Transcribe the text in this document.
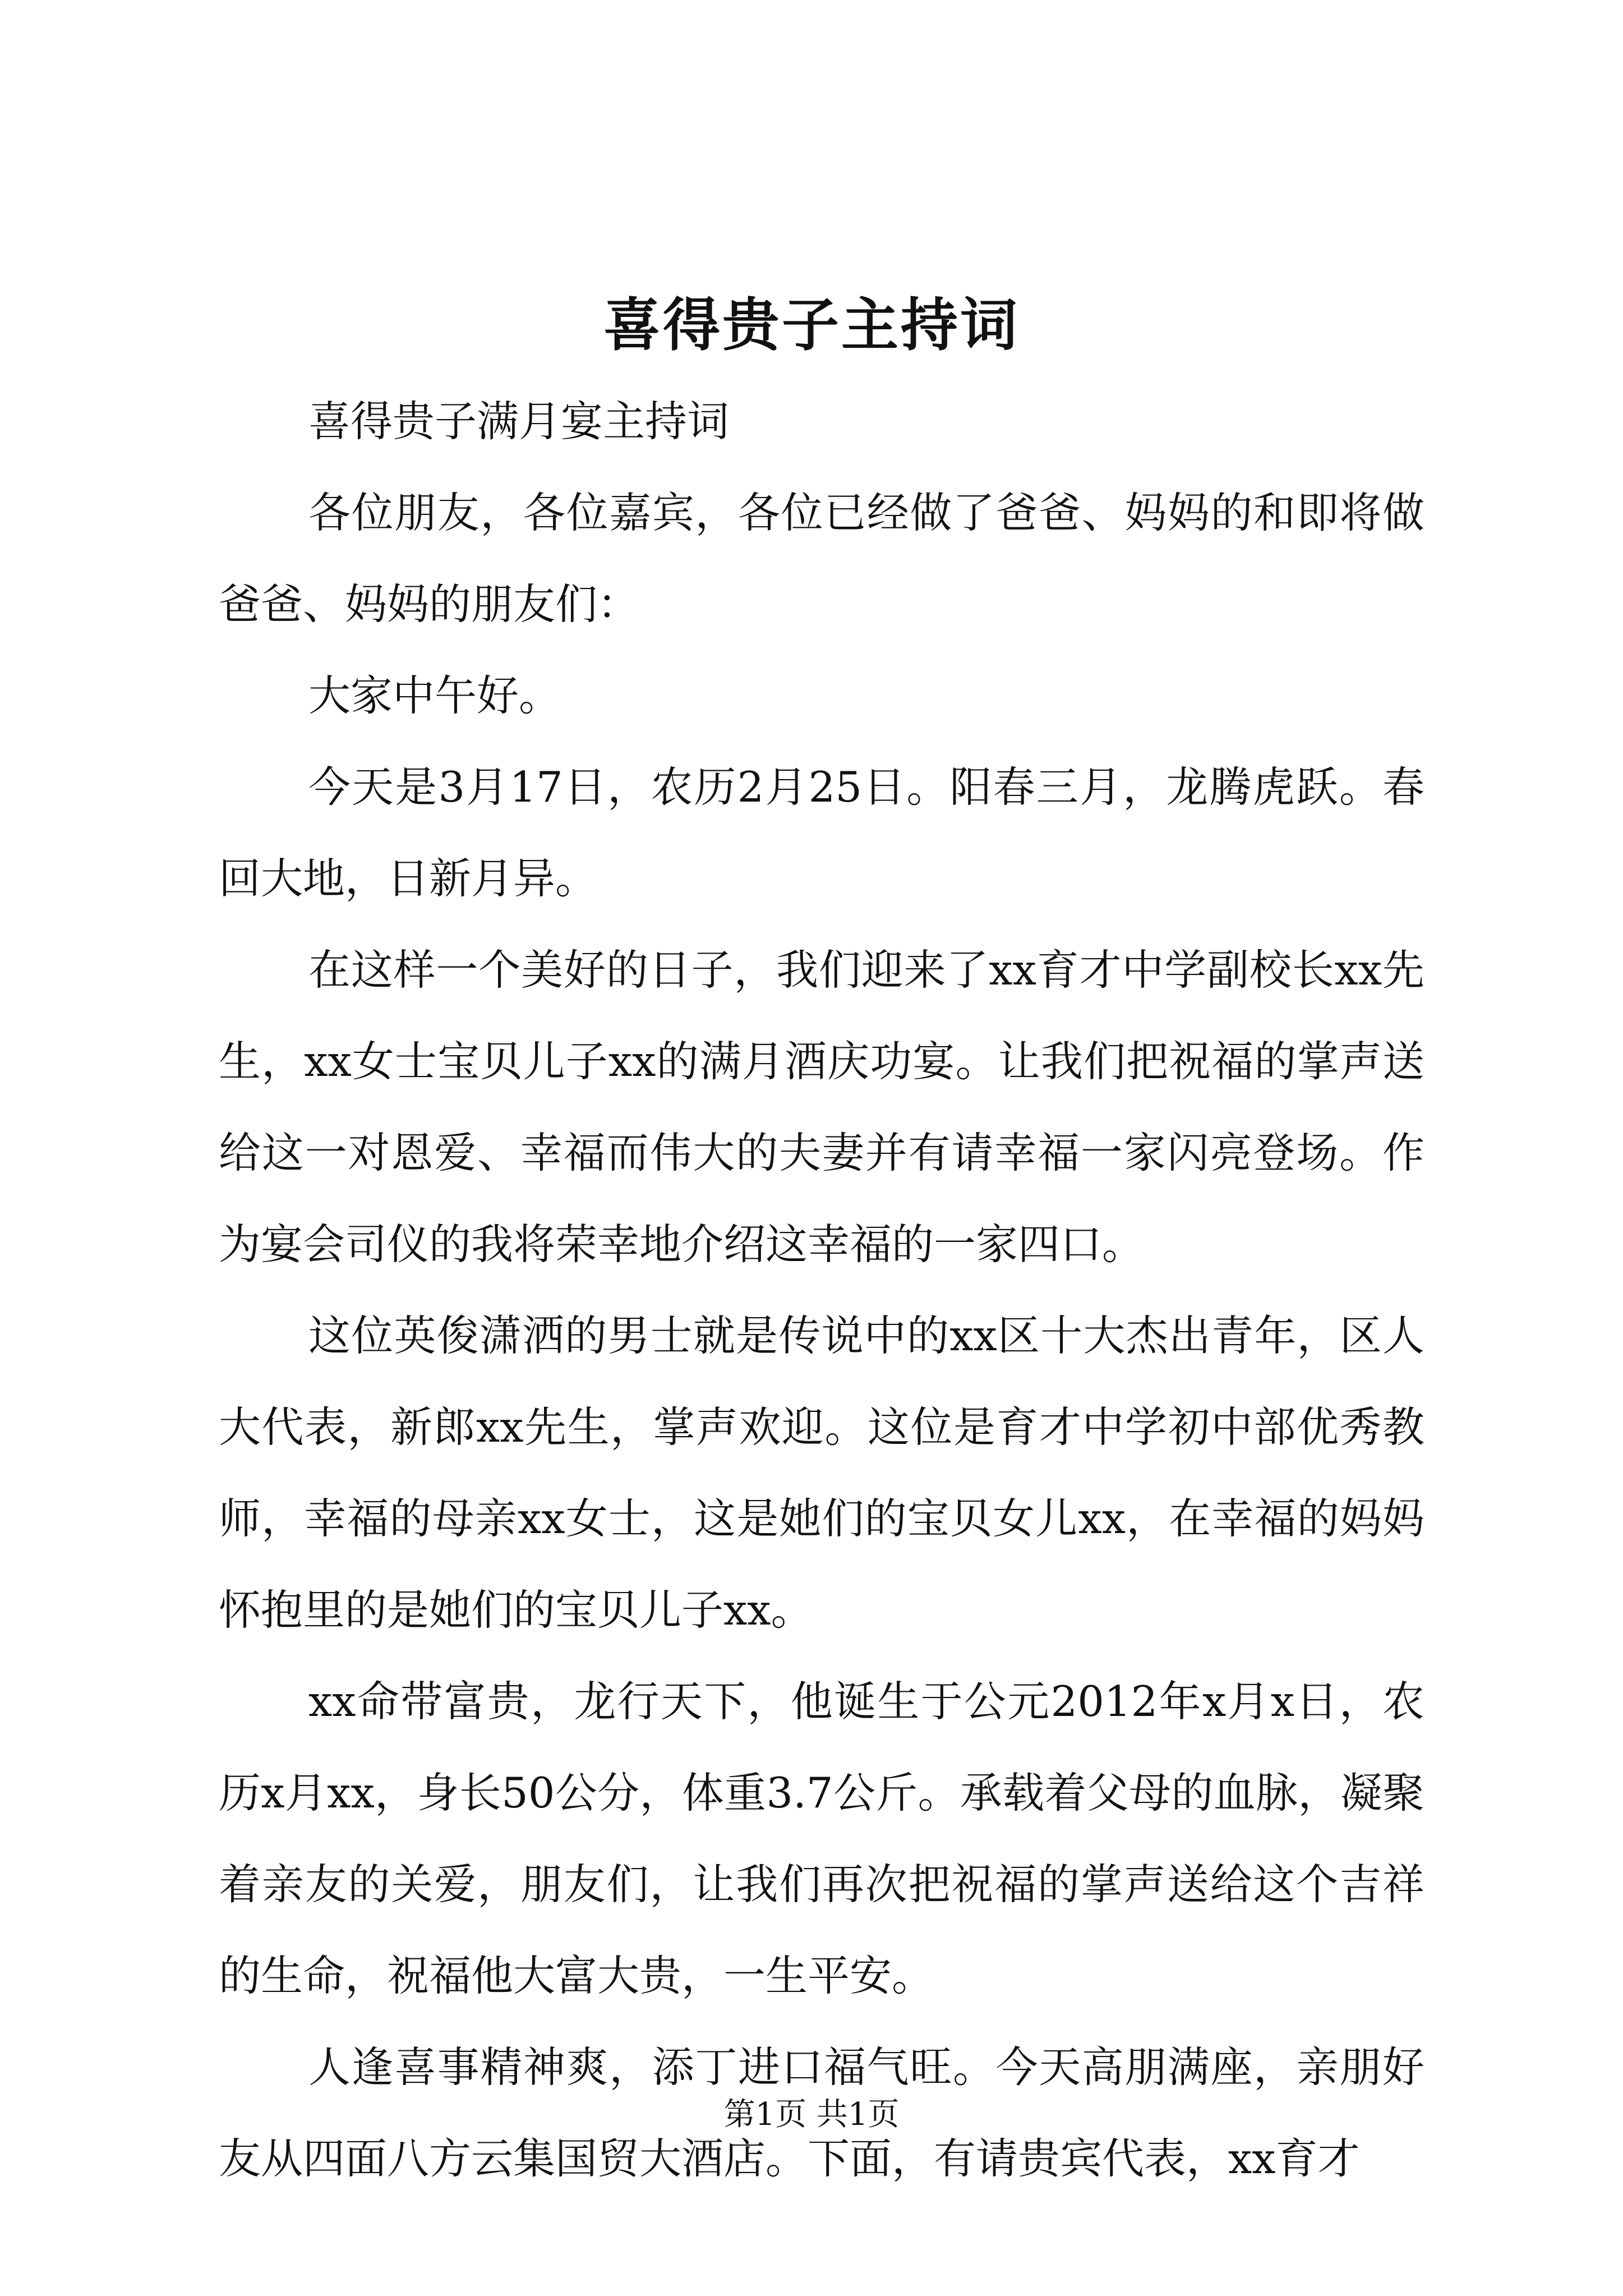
喜得贵子主持词

喜得贵子满月宴主持词

各位朋友，各位嘉宾，各位已经做了爸爸、妈妈的和即将做爸爸、妈妈的朋友们：

大家中午好。

今天是3月17日，农历2月25日。阳春三月，龙腾虎跃。春回大地，日新月异。

在这样一个美好的日子，我们迎来了xx育才中学副校长xx先生，xx女士宝贝儿子xx的满月酒庆功宴。让我们把祝福的掌声送给这一对恩爱、幸福而伟大的夫妻并有请幸福一家闪亮登场。作为宴会司仪的我将荣幸地介绍这幸福的一家四口。

这位英俊潇洒的男士就是传说中的xx区十大杰出青年，区人大代表，新郎xx先生，掌声欢迎。这位是育才中学初中部优秀教师，幸福的母亲xx女士，这是她们的宝贝女儿xx，在幸福的妈妈怀抱里的是她们的宝贝儿子xx。

xx命带富贵，龙行天下，他诞生于公元2012年x月x日，农历x月xx，身长50公分，体重3.7公斤。承载着父母的血脉，凝聚着亲友的关爱，朋友们，让我们再次把祝福的掌声送给这个吉祥的生命，祝福他大富大贵，一生平安。

人逢喜事精神爽，添丁进口福气旺。今天高朋满座，亲朋好友从四面八方云集国贸大酒店。下面，有请贵宾代表，xx育才

第1页 共1页
